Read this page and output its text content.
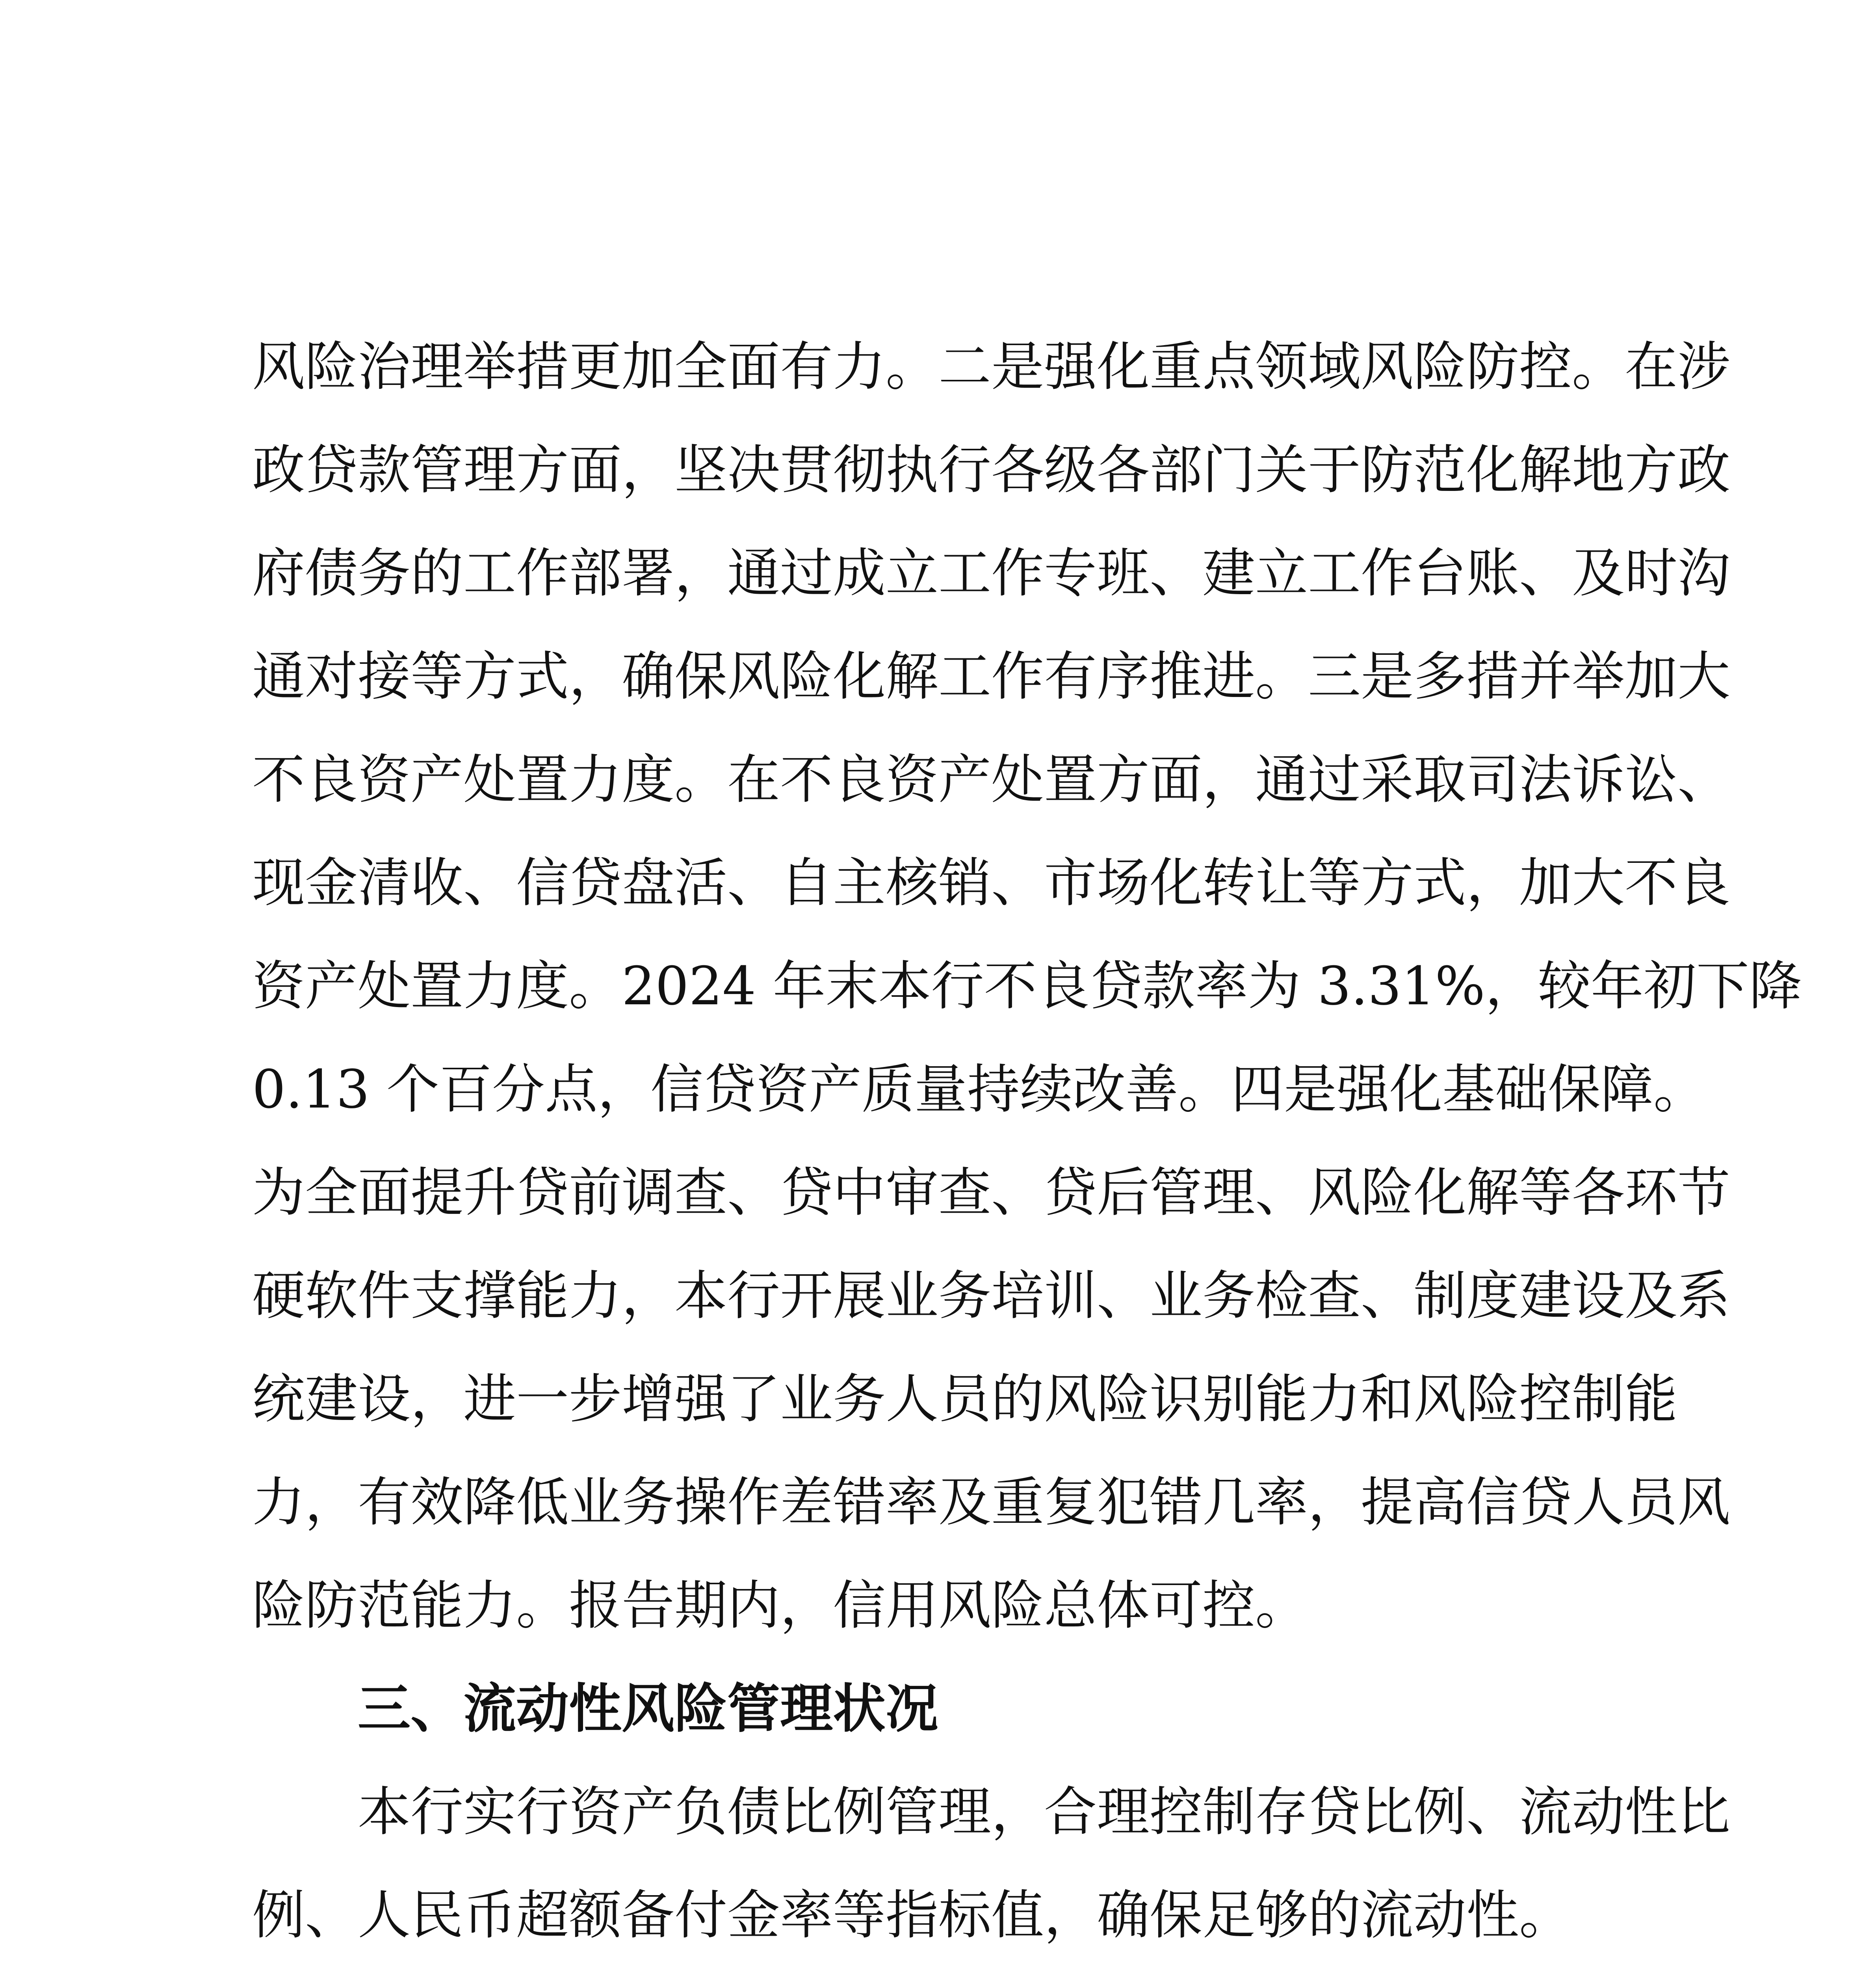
风险治理举措更加全面有力。二是强化重点领域风险防控。在涉
政贷款管理方面，坚决贯彻执行各级各部门关于防范化解地方政
府债务的工作部署，通过成立工作专班、建立工作台账、及时沟
通对接等方式，确保风险化解工作有序推进。三是多措并举加大
不良资产处置力度。在不良资产处置方面，通过采取司法诉讼、
现金清收、信贷盘活、自主核销、市场化转让等方式，加大不良
资产处置力度。2024 年末本行不良贷款率为 3.31%，较年初下降
0.13 个百分点，信贷资产质量持续改善。四是强化基础保障。
为全面提升贷前调查、贷中审查、贷后管理、风险化解等各环节
硬软件支撑能力，本行开展业务培训、业务检查、制度建设及系
统建设，进一步增强了业务人员的风险识别能力和风险控制能
力，有效降低业务操作差错率及重复犯错几率，提高信贷人员风
险防范能力。报告期内，信用风险总体可控。
三、流动性风险管理状况
本行实行资产负债比例管理，合理控制存贷比例、流动性比
例、人民币超额备付金率等指标值，确保足够的流动性。
